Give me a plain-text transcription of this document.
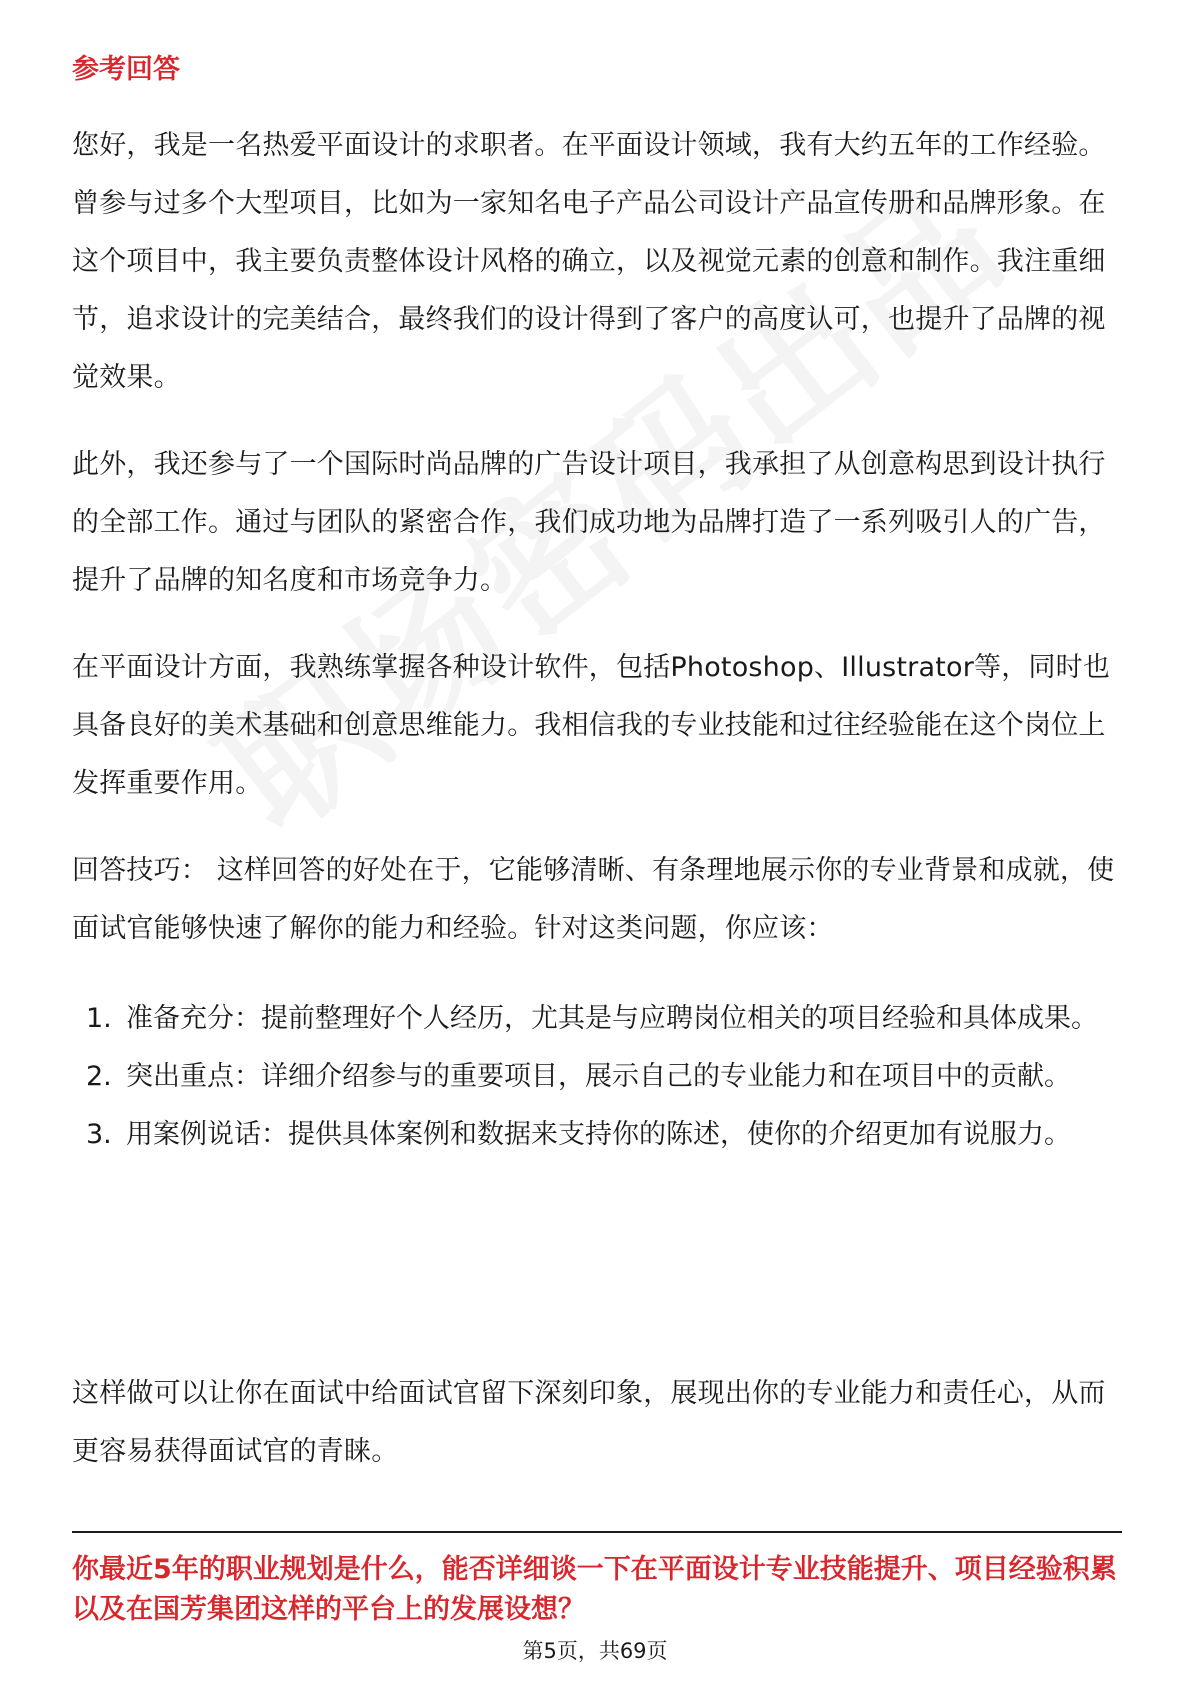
参考回答

您好，我是一名热爱平面设计的求职者。在平面设计领域，我有大约五年的工作经验。曾参与过多个大型项目，比如为一家知名电子产品公司设计产品宣传册和品牌形象。在这个项目中，我主要负责整体设计风格的确立，以及视觉元素的创意和制作。我注重细节，追求设计的完美结合，最终我们的设计得到了客户的高度认可，也提升了品牌的视觉效果。

此外，我还参与了一个国际时尚品牌的广告设计项目，我承担了从创意构思到设计执行的全部工作。通过与团队的紧密合作，我们成功地为品牌打造了一系列吸引人的广告，提升了品牌的知名度和市场竞争力。

在平面设计方面，我熟练掌握各种设计软件，包括Photoshop、Illustrator等，同时也具备良好的美术基础和创意思维能力。我相信我的专业技能和过往经验能在这个岗位上发挥重要作用。

回答技巧： 这样回答的好处在于，它能够清晰、有条理地展示你的专业背景和成就，使面试官能够快速了解你的能力和经验。针对这类问题，你应该：

1. 准备充分：提前整理好个人经历，尤其是与应聘岗位相关的项目经验和具体成果。
2. 突出重点：详细介绍参与的重要项目，展示自己的专业能力和在项目中的贡献。
3. 用案例说话：提供具体案例和数据来支持你的陈述，使你的介绍更加有说服力。

这样做可以让你在面试中给面试官留下深刻印象，展现出你的专业能力和责任心，从而更容易获得面试官的青睐。

你最近5年的职业规划是什么，能否详细谈一下在平面设计专业技能提升、项目经验积累以及在国芳集团这样的平台上的发展设想？

第5页，共69页
